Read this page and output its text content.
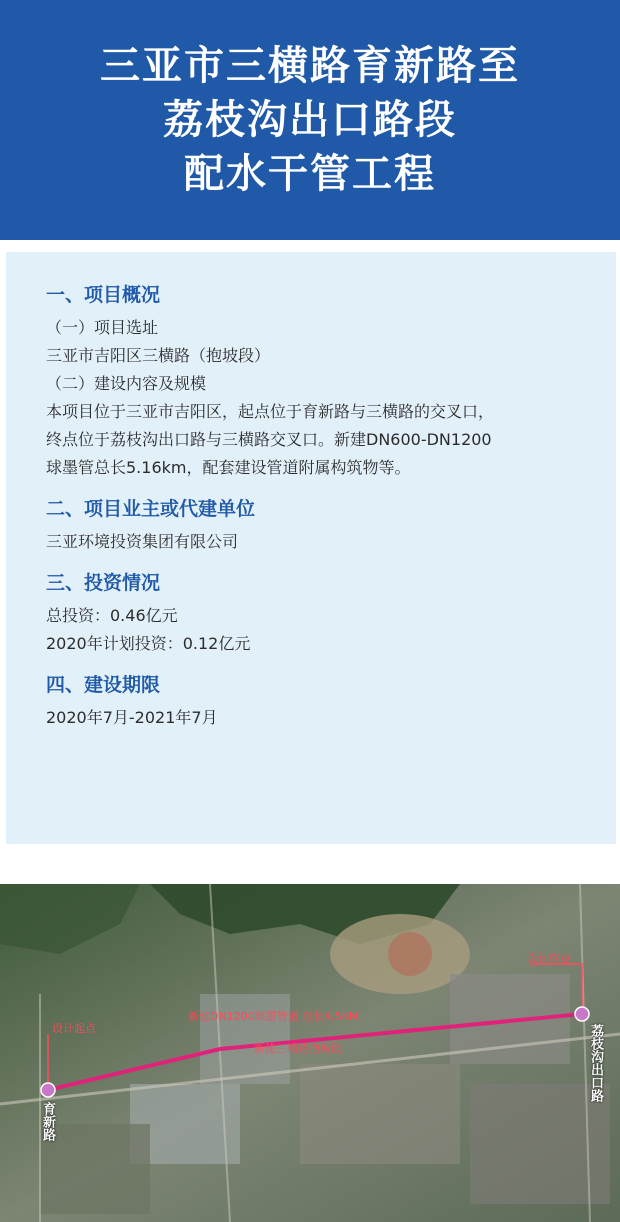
三亚市三横路育新路至
荔枝沟出口路段
配水干管工程
一、项目概况
（一）项目选址
三亚市吉阳区三横路（抱坡段）
（二）建设内容及规模
本项目位于三亚市吉阳区，起点位于育新路与三横路的交叉口，
终点位于荔枝沟出口路与三横路交叉口。新建DN600-DN1200
球墨管总长5.16km，配套建设管道附属构筑物等。
二、项目业主或代建单位
三亚环境投资集团有限公司
三、投资情况
总投资：0.46亿元
2020年计划投资：0.12亿元
四、建设期限
2020年7月-2021年7月
设计起点
设计终点
新建DN1200球墨管道 总长4.5KM
新建三横路抱坡段
育新路
荔枝沟出口路
